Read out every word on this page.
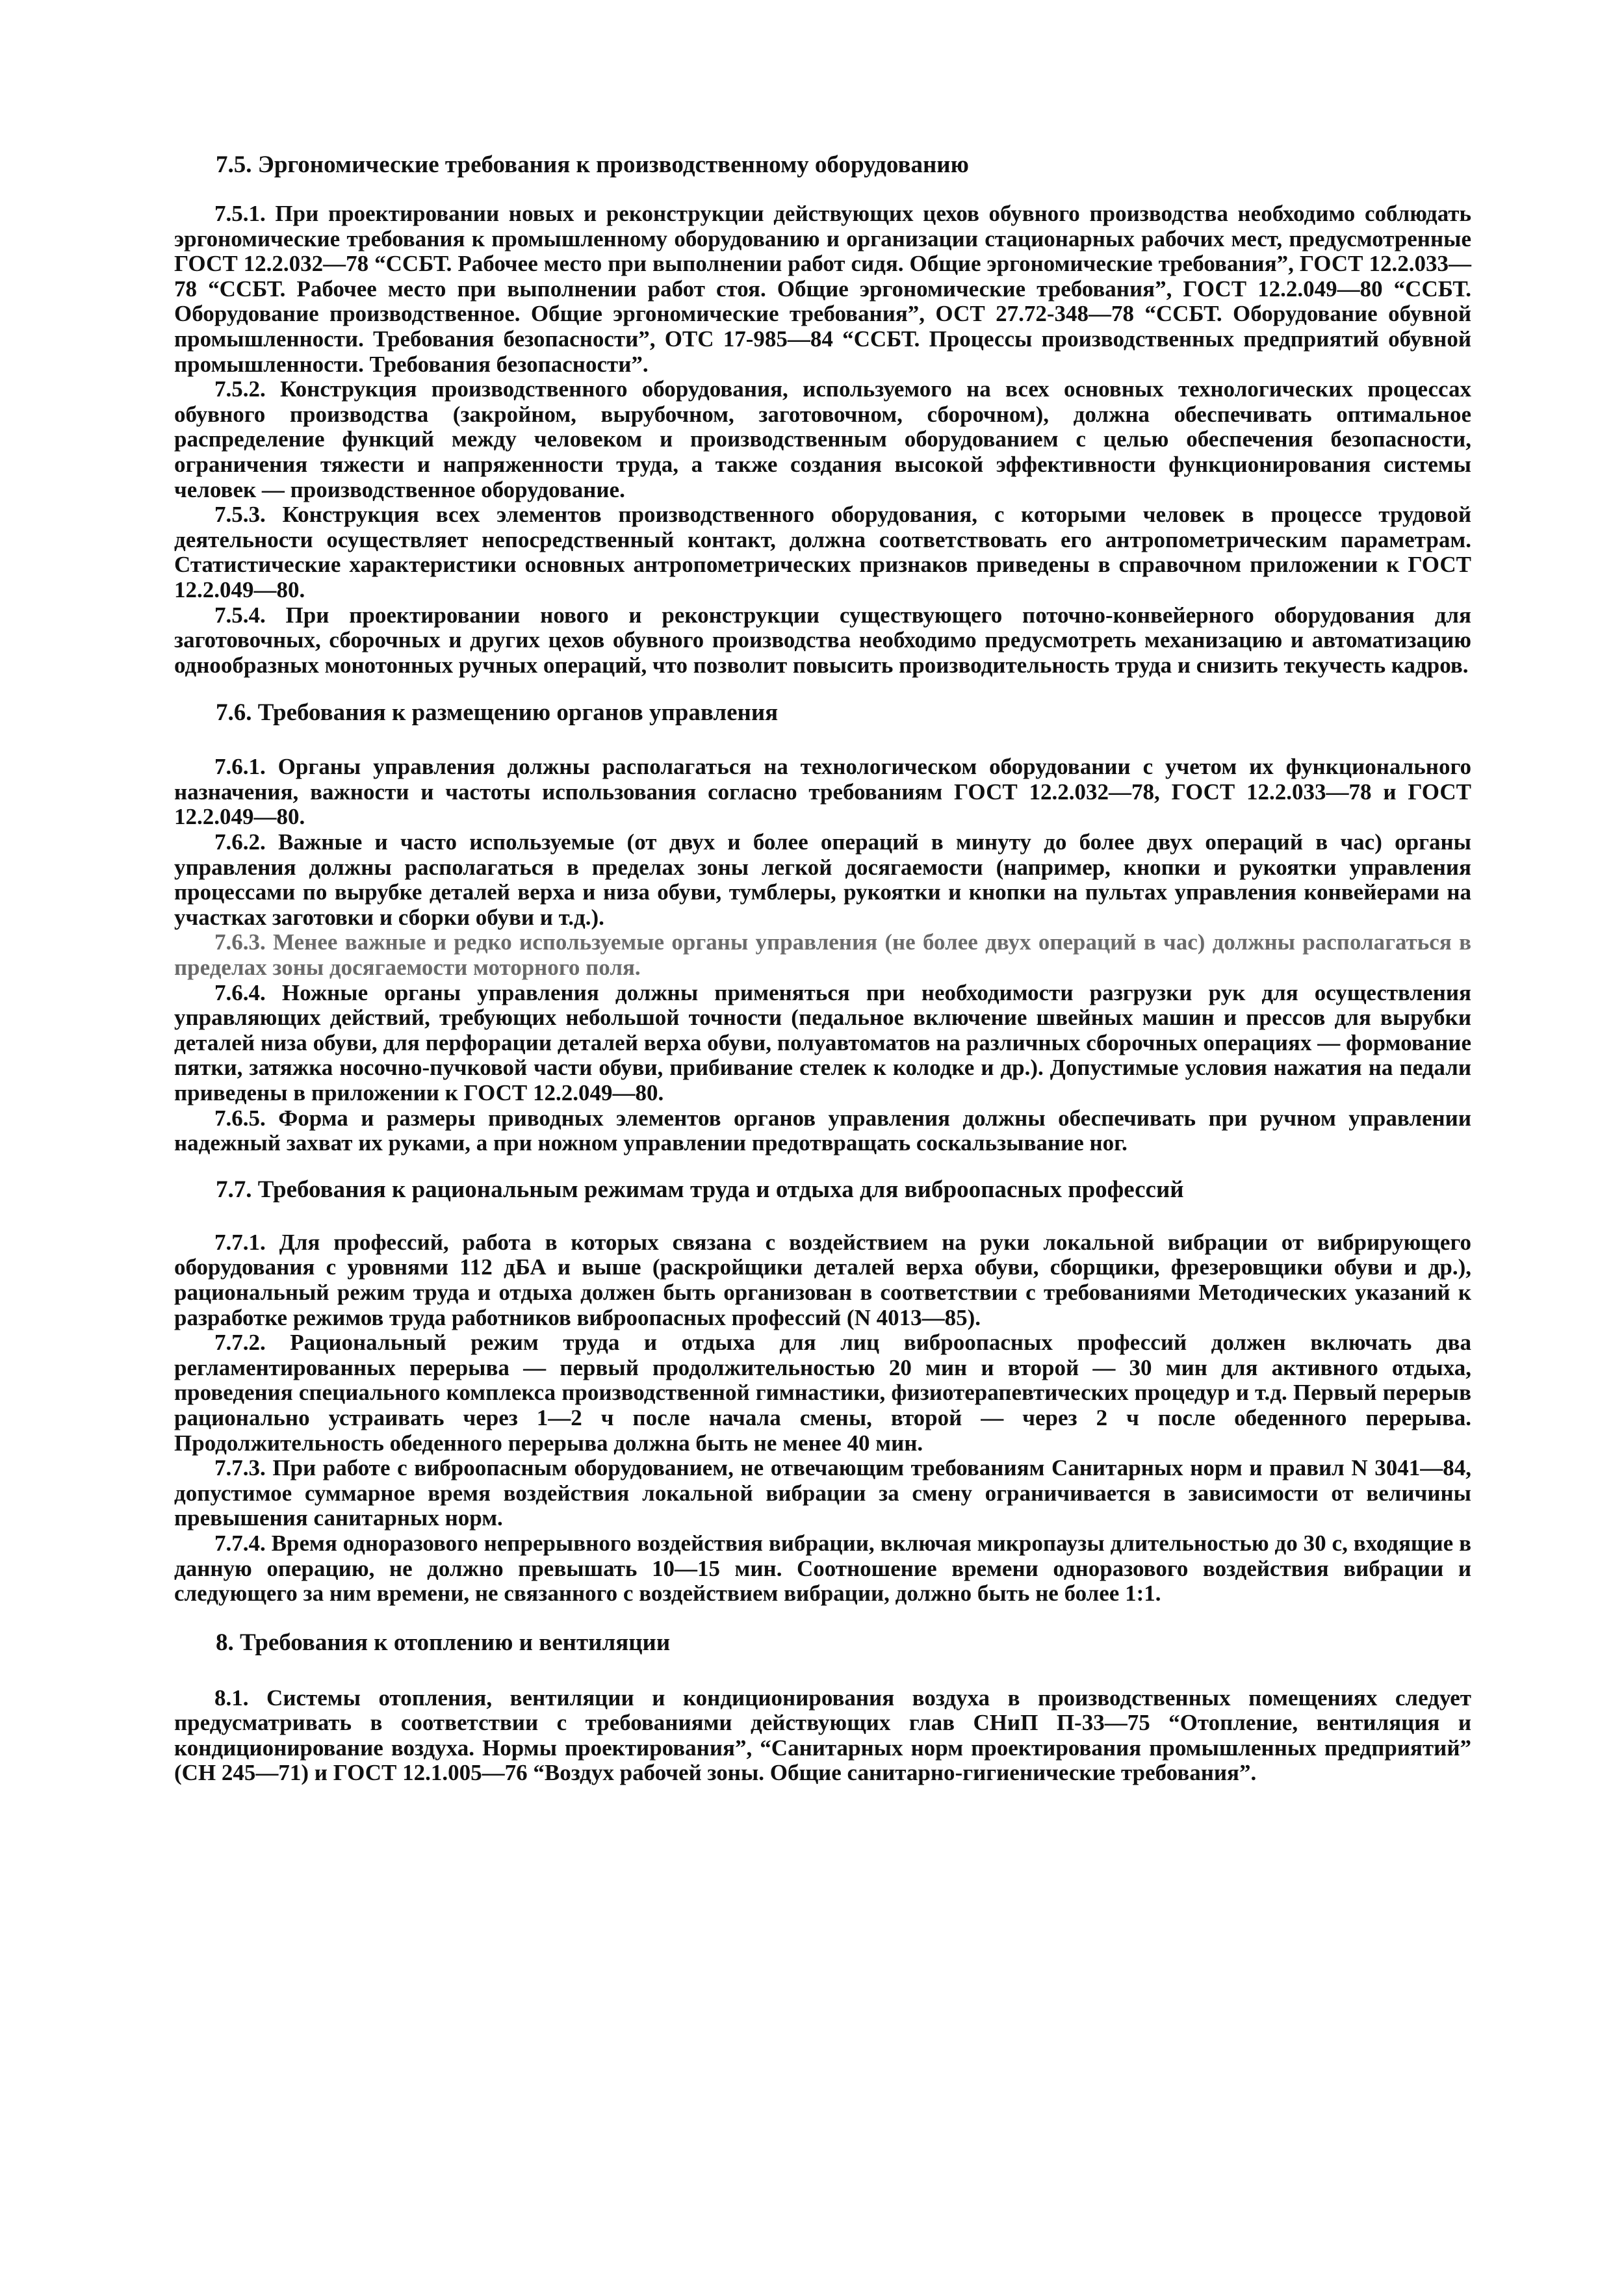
7.5. Эргономические требования к производственному оборудованию

7.5.1. При проектировании новых и реконструкции действующих цехов обувного производства необходимо соблюдать эргономические требования к промышленному оборудованию и организации стационарных рабочих мест, предусмотренные ГОСТ 12.2.032—78 “ССБТ. Рабочее место при выполнении работ сидя. Общие эргономические требования”, ГОСТ 12.2.033—78 “ССБТ. Рабочее место при выполнении работ стоя. Общие эргономические требования”, ГОСТ 12.2.049—80 “ССБТ. Оборудование производственное. Общие эргономические требования”, ОСТ 27.72-348—78 “ССБТ. Оборудование обувной промышленности. Требования безопасности”, ОТС 17-985—84 “ССБТ. Процессы производственных предприятий обувной промышленности. Требования безопасности”.

7.5.2. Конструкция производственного оборудования, используемого на всех основных технологических процессах обувного производства (закройном, вырубочном, заготовочном, сборочном), должна обеспечивать оптимальное распределение функций между человеком и производственным оборудованием с целью обеспечения безопасности, ограничения тяжести и напряженности труда, а также создания высокой эффективности функционирования системы человек — производственное оборудование.

7.5.3. Конструкция всех элементов производственного оборудования, с которыми человек в процессе трудовой деятельности осуществляет непосредственный контакт, должна соответствовать его антропометрическим параметрам. Статистические характеристики основных антропометрических признаков приведены в справочном приложении к ГОСТ 12.2.049—80.

7.5.4. При проектировании нового и реконструкции существующего поточно-конвейерного оборудования для заготовочных, сборочных и других цехов обувного производства необходимо предусмотреть механизацию и автоматизацию однообразных монотонных ручных операций, что позволит повысить производительность труда и снизить текучесть кадров.

7.6. Требования к размещению органов управления

7.6.1. Органы управления должны располагаться на технологическом оборудовании с учетом их функционального назначения, важности и частоты использования согласно требованиям ГОСТ 12.2.032—78, ГОСТ 12.2.033—78 и ГОСТ 12.2.049—80.

7.6.2. Важные и часто используемые (от двух и более операций в минуту до более двух операций в час) органы управления должны располагаться в пределах зоны легкой досягаемости (например, кнопки и рукоятки управления процессами по вырубке деталей верха и низа обуви, тумблеры, рукоятки и кнопки на пультах управления конвейерами на участках заготовки и сборки обуви и т.д.).

7.6.3. Менее важные и редко используемые органы управления (не более двух операций в час) должны располагаться в пределах зоны досягаемости моторного поля.

7.6.4. Ножные органы управления должны применяться при необходимости разгрузки рук для осуществления управляющих действий, требующих небольшой точности (педальное включение швейных машин и прессов для вырубки деталей низа обуви, для перфорации деталей верха обуви, полуавтоматов на различных сборочных операциях — формование пятки, затяжка носочно-пучковой части обуви, прибивание стелек к колодке и др.). Допустимые условия нажатия на педали приведены в приложении к ГОСТ 12.2.049—80.

7.6.5. Форма и размеры приводных элементов органов управления должны обеспечивать при ручном управлении надежный захват их руками, а при ножном управлении предотвращать соскальзывание ног.

7.7. Требования к рациональным режимам труда и отдыха для виброопасных профессий

7.7.1. Для профессий, работа в которых связана с воздействием на руки локальной вибрации от вибрирующего оборудования с уровнями 112 дБА и выше (раскройщики деталей верха обуви, сборщики, фрезеровщики обуви и др.), рациональный режим труда и отдыха должен быть организован в соответствии с требованиями Методических указаний к разработке режимов труда работников виброопасных профессий (N 4013—85).

7.7.2. Рациональный режим труда и отдыха для лиц виброопасных профессий должен включать два регламентированных перерыва — первый продолжительностью 20 мин и второй — 30 мин для активного отдыха, проведения специального комплекса производственной гимнастики, физиотерапевтических процедур и т.д. Первый перерыв рационально устраивать через 1—2 ч после начала смены, второй — через 2 ч после обеденного перерыва. Продолжительность обеденного перерыва должна быть не менее 40 мин.

7.7.3. При работе с виброопасным оборудованием, не отвечающим требованиям Санитарных норм и правил N 3041—84, допустимое суммарное время воздействия локальной вибрации за смену ограничивается в зависимости от величины превышения санитарных норм.

7.7.4. Время одноразового непрерывного воздействия вибрации, включая микропаузы длительностью до 30 с, входящие в данную операцию, не должно превышать 10—15 мин. Соотношение времени одноразового воздействия вибрации и следующего за ним времени, не связанного с воздействием вибрации, должно быть не более 1:1.

8. Требования к отоплению и вентиляции

8.1. Системы отопления, вентиляции и кондиционирования воздуха в производственных помещениях следует предусматривать в соответствии с требованиями действующих глав СНиП П-33—75 “Отопление, вентиляция и кондиционирование воздуха. Нормы проектирования”, “Санитарных норм проектирования промышленных предприятий” (СН 245—71) и ГОСТ 12.1.005—76 “Воздух рабочей зоны. Общие санитарно-гигиенические требования”.
